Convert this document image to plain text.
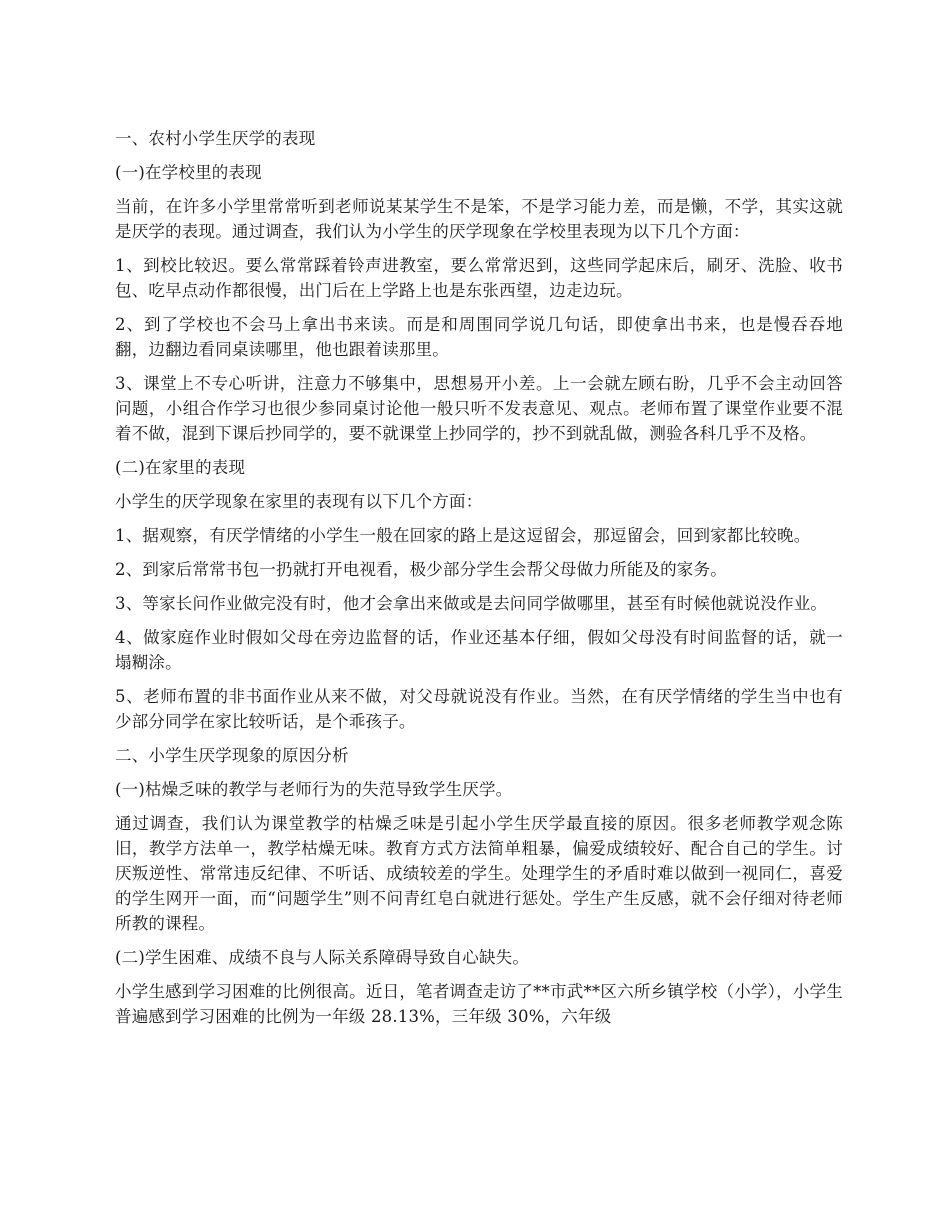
一、农村小学生厌学的表现

(一)在学校里的表现

当前，在许多小学里常常听到老师说某某学生不是笨，不是学习能力差，而是懒，不学，其实这就是厌学的表现。通过调查，我们认为小学生的厌学现象在学校里表现为以下几个方面：

1、到校比较迟。要么常常踩着铃声进教室，要么常常迟到，这些同学起床后，刷牙、洗脸、收书包、吃早点动作都很慢，出门后在上学路上也是东张西望，边走边玩。

2、到了学校也不会马上拿出书来读。而是和周围同学说几句话，即使拿出书来，也是慢吞吞地翻，边翻边看同桌读哪里，他也跟着读那里。

3、课堂上不专心听讲，注意力不够集中，思想易开小差。上一会就左顾右盼，几乎不会主动回答问题，小组合作学习也很少参同桌讨论他一般只听不发表意见、观点。老师布置了课堂作业要不混着不做，混到下课后抄同学的，要不就课堂上抄同学的，抄不到就乱做，测验各科几乎不及格。

(二)在家里的表现

小学生的厌学现象在家里的表现有以下几个方面：

1、据观察，有厌学情绪的小学生一般在回家的路上是这逗留会，那逗留会，回到家都比较晚。

2、到家后常常书包一扔就打开电视看，极少部分学生会帮父母做力所能及的家务。

3、等家长问作业做完没有时，他才会拿出来做或是去问同学做哪里，甚至有时候他就说没作业。

4、做家庭作业时假如父母在旁边监督的话，作业还基本仔细，假如父母没有时间监督的话，就一塌糊涂。

5、老师布置的非书面作业从来不做，对父母就说没有作业。当然，在有厌学情绪的学生当中也有少部分同学在家比较听话，是个乖孩子。

二、小学生厌学现象的原因分析

(一)枯燥乏味的教学与老师行为的失范导致学生厌学。

通过调查，我们认为课堂教学的枯燥乏味是引起小学生厌学最直接的原因。很多老师教学观念陈旧，教学方法单一，教学枯燥无味。教育方式方法简单粗暴，偏爱成绩较好、配合自己的学生。讨厌叛逆性、常常违反纪律、不听话、成绩较差的学生。处理学生的矛盾时难以做到一视同仁，喜爱的学生网开一面，而“问题学生”则不问青红皂白就进行惩处。学生产生反感，就不会仔细对待老师所教的课程。

(二)学生困难、成绩不良与人际关系障碍导致自心缺失。

小学生感到学习困难的比例很高。近日，笔者调查走访了**市武**区六所乡镇学校（小学），小学生普遍感到学习困难的比例为一年级 28.13%，三年级 30%，六年级
